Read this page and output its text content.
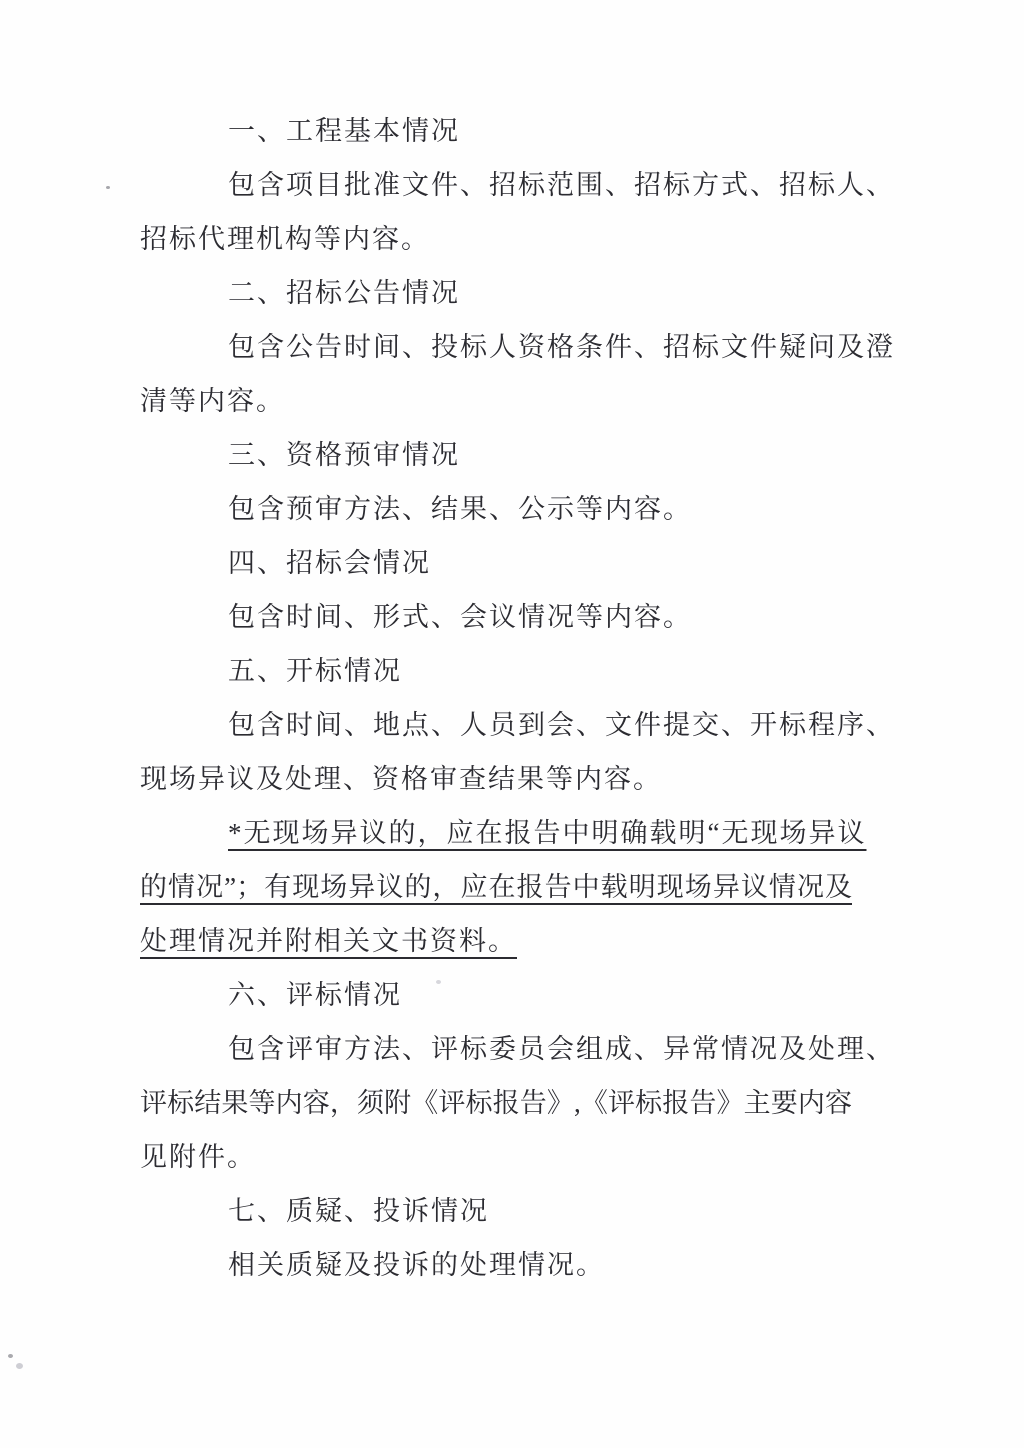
一、工程基本情况
包含项目批准文件、招标范围、招标方式、招标人、
招标代理机构等内容。
二、招标公告情况
包含公告时间、投标人资格条件、招标文件疑问及澄
清等内容。
三、资格预审情况
包含预审方法、结果、公示等内容。
四、招标会情况
包含时间、形式、会议情况等内容。
五、开标情况
包含时间、地点、人员到会、文件提交、开标程序、
现场异议及处理、资格审查结果等内容。
*无现场异议的，应在报告中明确载明“无现场异议
的情况”；有现场异议的，应在报告中载明现场异议情况及
处理情况并附相关文书资料。
六、评标情况
包含评审方法、评标委员会组成、异常情况及处理、
评标结果等内容，须附《评标报告》,《评标报告》主要内容
见附件。
七、质疑、投诉情况
相关质疑及投诉的处理情况。
